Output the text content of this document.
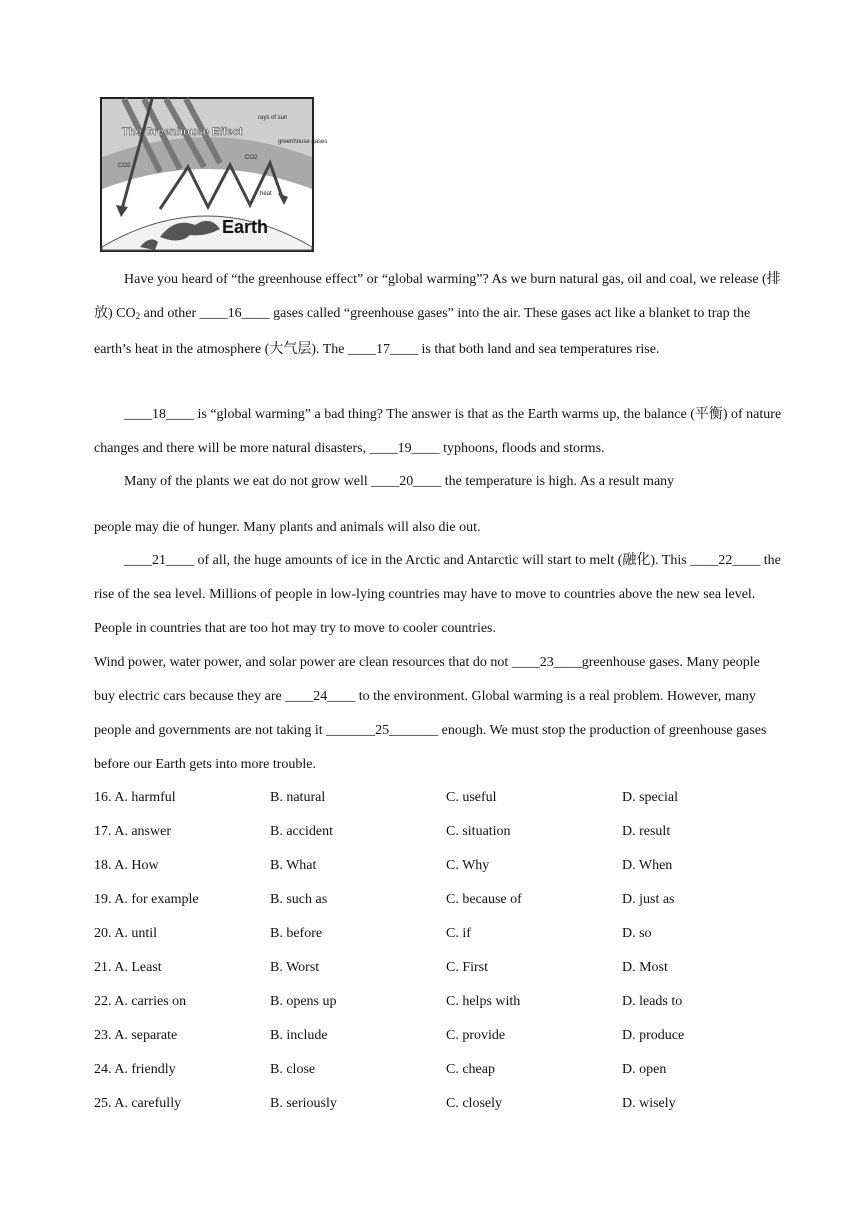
The Greenhouse Effect
rays of sun
greenhouse gases
CO2
CO2
heat
Earth

Have you heard of “the greenhouse effect” or “global warming”? As we burn natural gas, oil and coal, we release (排放) $CO_2$ and other ____16____ gases called “greenhouse gases” into the air. These gases act like a blanket to trap the earth’s heat in the atmosphere (大气层). The ____17____ is that both land and sea temperatures rise.

____18____ is “global warming” a bad thing? The answer is that as the Earth warms up, the balance (平衡) of nature changes and there will be more natural disasters, ____19____ typhoons, floods and storms.

Many of the plants we eat do not grow well ____20____ the temperature is high. As a result many
people may die of hunger. Many plants and animals will also die out.

____21____ of all, the huge amounts of ice in the Arctic and Antarctic will start to melt (融化). This ____22____ the rise of the sea level. Millions of people in low-lying countries may have to move to countries above the new sea level. People in countries that are too hot may try to move to cooler countries.

Wind power, water power, and solar power are clean resources that do not ____23____greenhouse gases. Many people buy electric cars because they are ____24____ to the environment. Global warming is a real problem. However, many people and governments are not taking it _______25_______ enough. We must stop the production of greenhouse gases before our Earth gets into more trouble.

16. A. harmful	B. natural	C. useful	D. special
17. A. answer	B. accident	C. situation	D. result
18. A. How	B. What	C. Why	D. When
19. A. for example	B. such as	C. because of	D. just as
20. A. until	B. before	C. if	D. so
21. A. Least	B. Worst	C. First	D. Most
22. A. carries on	B. opens up	C. helps with	D. leads to
23. A. separate	B. include	C. provide	D. produce
24. A. friendly	B. close	C. cheap	D. open
25. A. carefully	B. seriously	C. closely	D. wisely
